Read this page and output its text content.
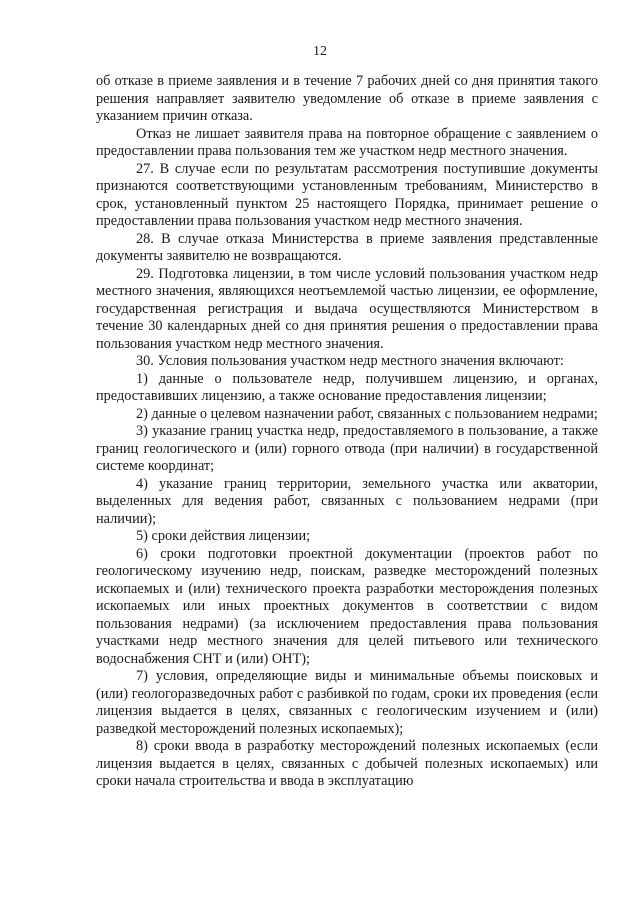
12

об отказе в приеме заявления и в течение 7 рабочих дней со дня принятия такого решения направляет заявителю уведомление об отказе в приеме заявления с указанием причин отказа.

Отказ не лишает заявителя права на повторное обращение с заявлением о предоставлении права пользования тем же участком недр местного значения.

27. В случае если по результатам рассмотрения поступившие документы признаются соответствующими установленным требованиям, Министерство в срок, установленный пунктом 25 настоящего Порядка, принимает решение о предоставлении права пользования участком недр местного значения.

28. В случае отказа Министерства в приеме заявления представленные документы заявителю не возвращаются.

29. Подготовка лицензии, в том числе условий пользования участком недр местного значения, являющихся неотъемлемой частью лицензии, ее оформление, государственная регистрация и выдача осуществляются Министерством в течение 30 календарных дней со дня принятия решения о предоставлении права пользования участком недр местного значения.

30. Условия пользования участком недр местного значения включают:

1) данные о пользователе недр, получившем лицензию, и органах, предоставивших лицензию, а также основание предоставления лицензии;

2) данные о целевом назначении работ, связанных с пользованием недрами;

3) указание границ участка недр, предоставляемого в пользование, а также границ геологического и (или) горного отвода (при наличии) в государственной системе координат;

4) указание границ территории, земельного участка или акватории, выделенных для ведения работ, связанных с пользованием недрами (при наличии);

5) сроки действия лицензии;

6) сроки подготовки проектной документации (проектов работ по геологическому изучению недр, поискам, разведке месторождений полезных ископаемых и (или) технического проекта разработки месторождения полезных ископаемых или иных проектных документов в соответствии с видом пользования недрами) (за исключением предоставления права пользования участками недр местного значения для целей питьевого или технического водоснабжения СНТ и (или) ОНТ);

7) условия, определяющие виды и минимальные объемы поисковых и (или) геологоразведочных работ с разбивкой по годам, сроки их проведения (если лицензия выдается в целях, связанных с геологическим изучением и (или) разведкой месторождений полезных ископаемых);

8) сроки ввода в разработку месторождений полезных ископаемых (если лицензия выдается в целях, связанных с добычей полезных ископаемых) или сроки начала строительства и ввода в эксплуатацию
